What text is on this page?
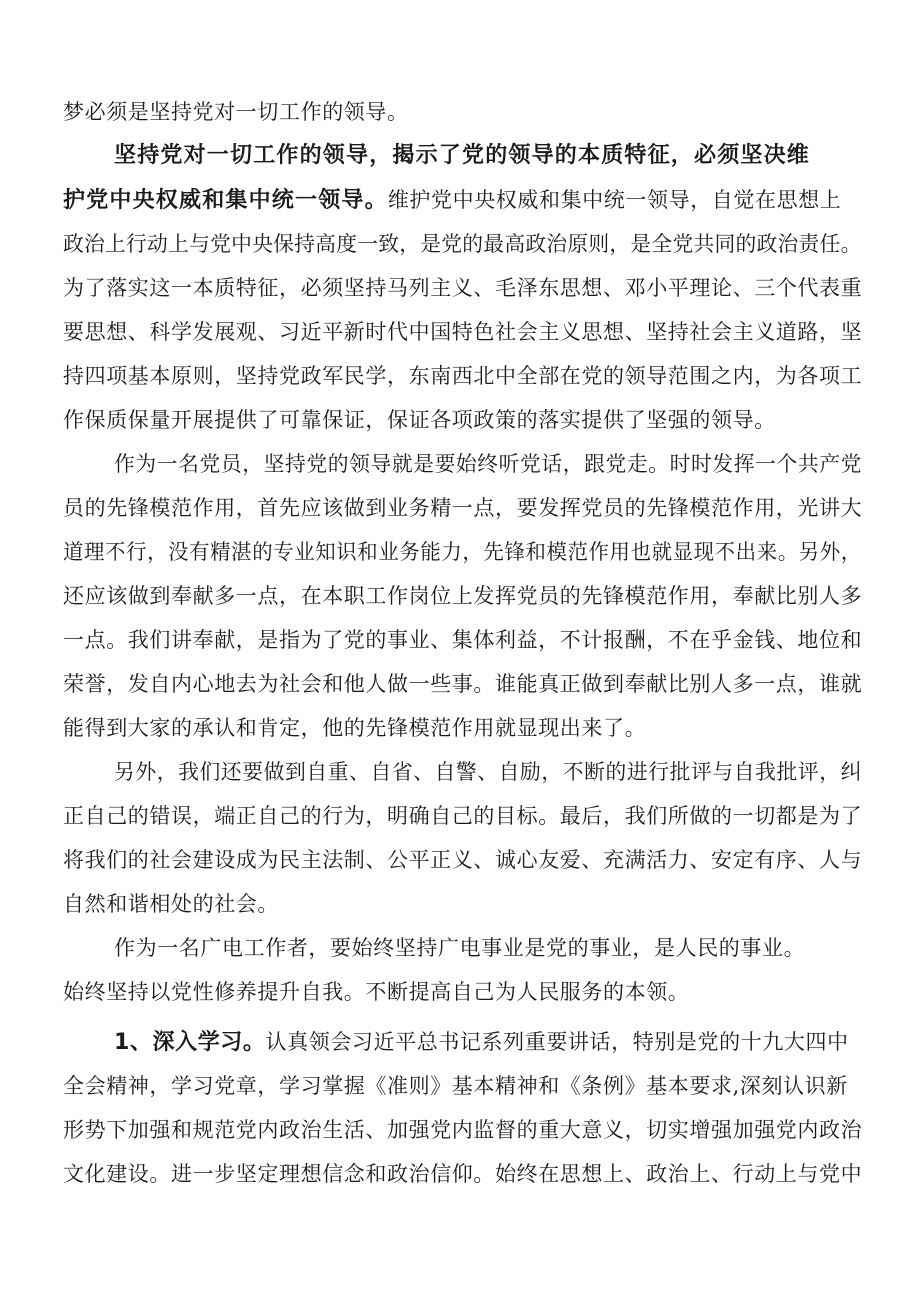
梦必须是坚持党对一切工作的领导。
坚持党对一切工作的领导，揭示了党的领导的本质特征，必须坚决维
护党中央权威和集中统一领导。维护党中央权威和集中统一领导，自觉在思想上
政治上行动上与党中央保持高度一致，是党的最高政治原则，是全党共同的政治责任。
为了落实这一本质特征，必须坚持马列主义、毛泽东思想、邓小平理论、三个代表重
要思想、科学发展观、习近平新时代中国特色社会主义思想、坚持社会主义道路，坚
持四项基本原则，坚持党政军民学，东南西北中全部在党的领导范围之内，为各项工
作保质保量开展提供了可靠保证，保证各项政策的落实提供了坚强的领导。
作为一名党员，坚持党的领导就是要始终听党话，跟党走。时时发挥一个共产党
员的先锋模范作用，首先应该做到业务精一点，要发挥党员的先锋模范作用，光讲大
道理不行，没有精湛的专业知识和业务能力，先锋和模范作用也就显现不出来。另外，
还应该做到奉献多一点，在本职工作岗位上发挥党员的先锋模范作用，奉献比别人多
一点。我们讲奉献，是指为了党的事业、集体利益，不计报酬，不在乎金钱、地位和
荣誉，发自内心地去为社会和他人做一些事。谁能真正做到奉献比别人多一点，谁就
能得到大家的承认和肯定，他的先锋模范作用就显现出来了。
另外，我们还要做到自重、自省、自警、自励，不断的进行批评与自我批评，纠
正自己的错误，端正自己的行为，明确自己的目标。最后，我们所做的一切都是为了
将我们的社会建设成为民主法制、公平正义、诚心友爱、充满活力、安定有序、人与
自然和谐相处的社会。
作为一名广电工作者，要始终坚持广电事业是党的事业，是人民的事业。
始终坚持以党性修养提升自我。不断提高自己为人民服务的本领。
1、深入学习。认真领会习近平总书记系列重要讲话，特别是党的十九大四中
全会精神，学习党章，学习掌握《准则》基本精神和《条例》基本要求,深刻认识新
形势下加强和规范党内政治生活、加强党内监督的重大意义，切实增强加强党内政治
文化建设。进一步坚定理想信念和政治信仰。始终在思想上、政治上、行动上与党中
